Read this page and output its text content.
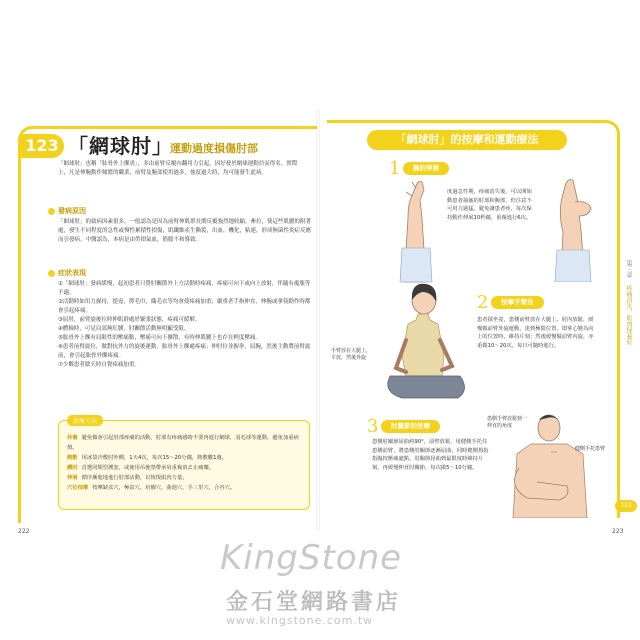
123 「網球肘」
運動過度損傷肘部
「網球肘」也稱「肱骨外上髁炎」，多由前臂反覆內翻用力引起，因好發於網球運動員而得名。實際上，凡是伸腕動作頻繁的職業，前臂及腕部使用過多，強度過大時，均可能發生此病。
發病原因
「網球肘」的致病因素很多，一般認為是因為前臂伸肌群長期反覆強烈地收縮，牽拉，使這些肌腱的附著處，發生不同程度的急性或慢性累積性損傷，肌纖維產生撕裂，出血，機化，粘連，形成無菌性炎症反應而引發病。中醫認為，本病是由勞損氣血，筋脈不和導致。
症狀表現
①「網球肘」發病緩慢，起初患者只覺肘關節外上方活動時疼痛，疼痛可向下或向上放射，伴隨有痠脹等不適。
②活動時如用力握持，提壺，擰毛巾，織毛衣等均會使疼痛加重；嚴重者手指伸直，伸腕或拿筷動作時都會引起疼痛。
③屈肘，前臂旋後位時伸肌群處於緊張狀態，疼痛可緩解。
④體檢時，可見局部無紅腫，肘關節活動無明顯受限。
⑤肱骨外上髁有局限性的壓痛點，壓痛可向下擴散，有時伸肌腱上也存在輕度壓痛。
⑥患者前臂旋位，做對抗外力的旋後運動，肱骨外上髁處疼痛；伸肘位並握拳，屈腕，然後主動將前臂旋前，會引起肱骨外髁疼痛。
⑦少數患者陰天時自覺疼痛加重。
治療方法
休養 避免做會引起肘部疼痛的活動，肘部有疼痛感時不要再進行網球，羽毛球等運動，避免加重病情。
熱敷 用冰袋冷敷肘外側，1天4次，每次15～20分鐘，熱敷數1週。
護肘 首選同類型護套，或使用吊施墊帶承肩重複消去止痛藥。
伸展 循序漸進地進行肘部活動，以恢復肌肉力量。
穴位按摩 按摩缺盆穴，極泉穴，肩髎穴，曲池穴，手三里穴，合谷穴。
222
「網球肘」的按摩和運動療法
1	腕的伸展
度過急性期，疼痛消失後，可以開始動患者抽搐的肘部和腕部，但注意不可用力過猛。避免讓患者疼，每次保持動作伸展10秒鐘，重複進行6次。
手臂放在大腿上，平放，然後外旋
2	按摩手臂法
患者採坐姿，患側前臂放在大腿上。肘內放鬆，緩慢做前臂外旋運動，達到極限位置，即掌心變為向上的位置時，維持片刻；然後緩慢做前臂內旋，亦重做10～20次，每日可隨時進行。
3	肘關節的按摩
患側肘關節屈曲約90°，前臂放鬆，用健側手托住患側前臂，將患側肘關節逐漸屈曲，同時健側拇指指腹按壓痛處點，肘關節屈曲到最限度時維持片刻，再緩慢伸直肘關節，每次做5～10分鐘。
患側手臂放鬆到一伸直的角度
健側手托患臂
第三章 疼痛消失，肌肉保養好
123
223
KingStone
金石堂網路書店
www.kingstone.com.tw
